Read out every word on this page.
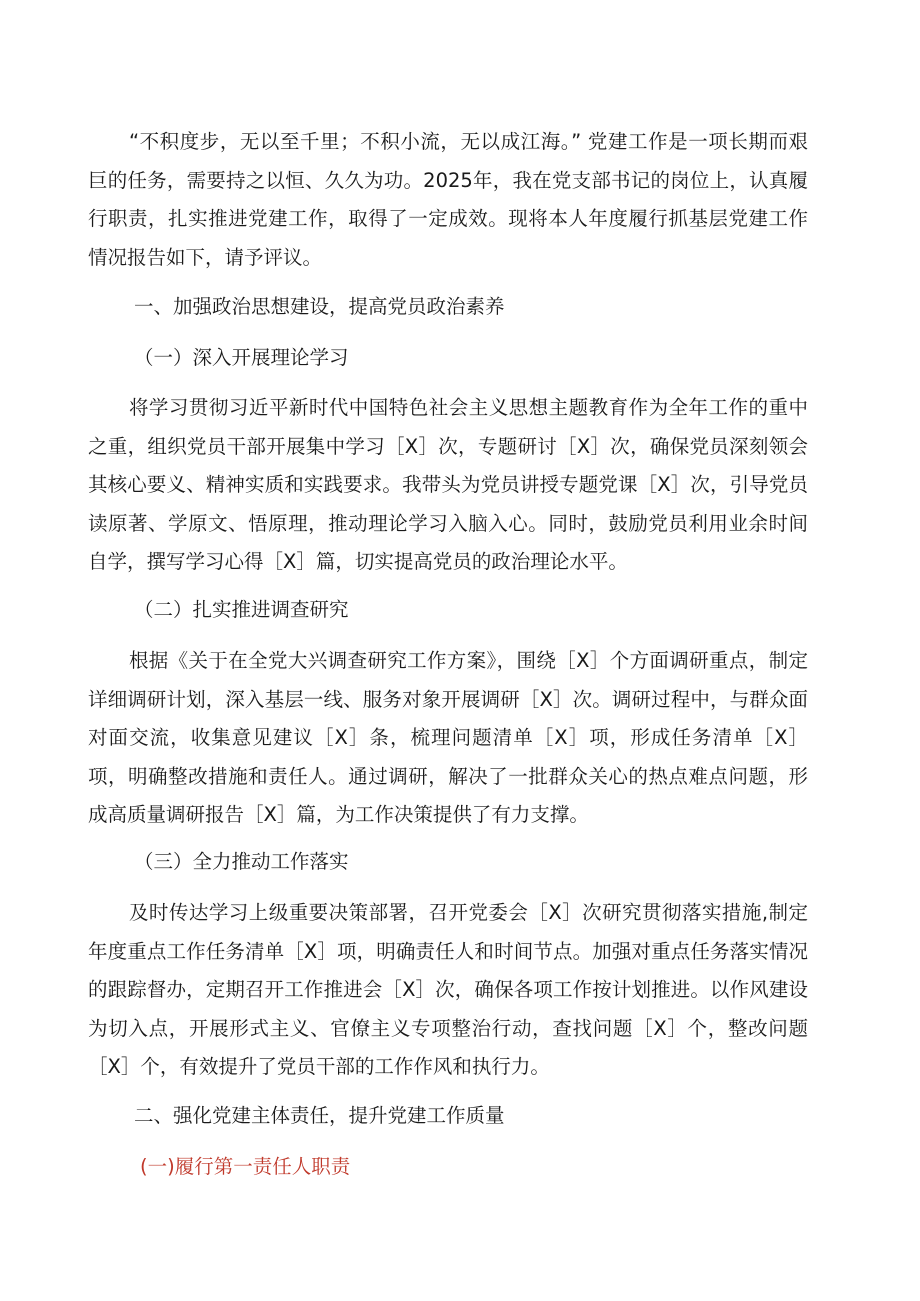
“不积度步，无以至千里；不积小流，无以成江海。” 党建工作是一项长期而艰巨的任务，需要持之以恒、久久为功。2025年，我在党支部书记的岗位上，认真履行职责，扎实推进党建工作，取得了一定成效。现将本人年度履行抓基层党建工作情况报告如下，请予评议。
一、加强政治思想建设，提高党员政治素养
（一）深入开展理论学习
将学习贯彻习近平新时代中国特色社会主义思想主题教育作为全年工作的重中之重，组织党员干部开展集中学习［X］次，专题研讨［X］次，确保党员深刻领会其核心要义、精神实质和实践要求。我带头为党员讲授专题党课［X］次，引导党员读原著、学原文、悟原理，推动理论学习入脑入心。同时，鼓励党员利用业余时间自学，撰写学习心得［X］篇，切实提高党员的政治理论水平。
（二）扎实推进调查研究
根据《关于在全党大兴调查研究工作方案》，围绕［X］个方面调研重点，制定详细调研计划，深入基层一线、服务对象开展调研［X］次。调研过程中，与群众面对面交流，收集意见建议［X］条，梳理问题清单［X］项，形成任务清单［X］项，明确整改措施和责任人。通过调研，解决了一批群众关心的热点难点问题，形成高质量调研报告［X］篇，为工作决策提供了有力支撑。
（三）全力推动工作落实
及时传达学习上级重要决策部署，召开党委会［X］次研究贯彻落实措施,制定年度重点工作任务清单［X］项，明确责任人和时间节点。加强对重点任务落实情况的跟踪督办，定期召开工作推进会［X］次，确保各项工作按计划推进。以作风建设为切入点，开展形式主义、官僚主义专项整治行动，查找问题［X］个，整改问题［X］个，有效提升了党员干部的工作作风和执行力。
二、强化党建主体责任，提升党建工作质量
(一)履行第一责任人职责
